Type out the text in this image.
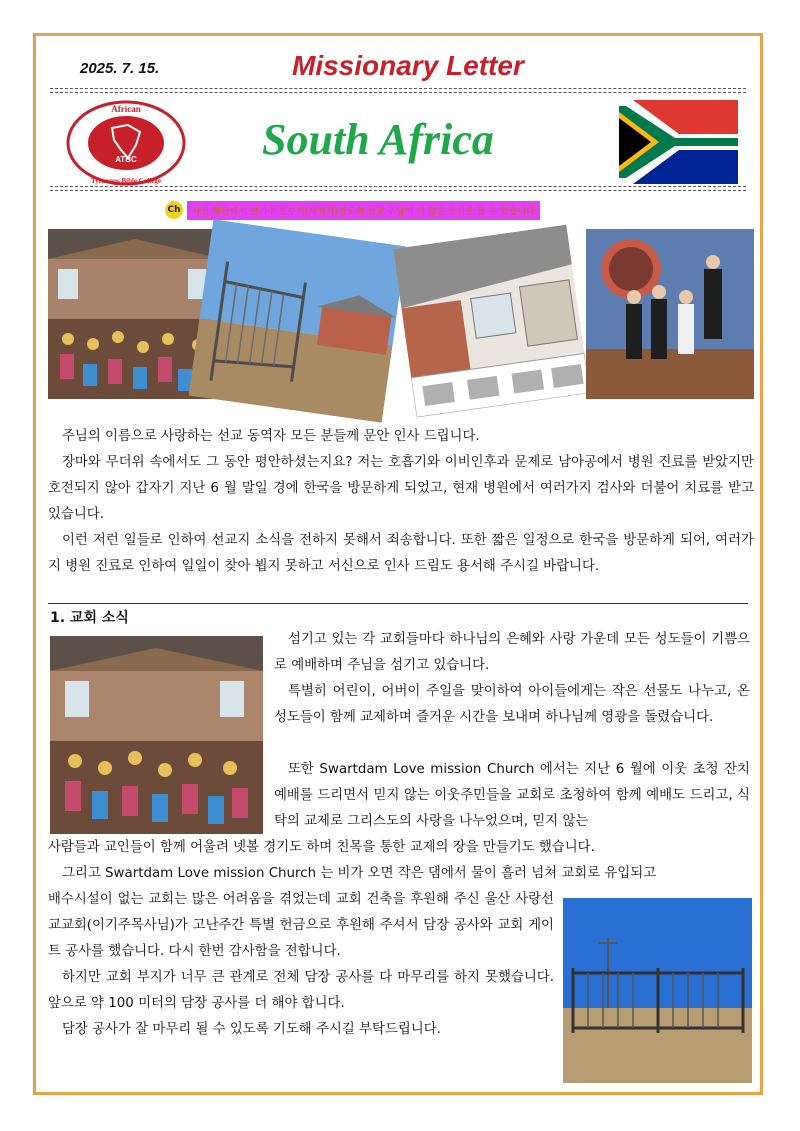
2025. 7. 15.	Missionary Letter
ATBC
African
Tyrannus Bible College
South Africa
Ch	사진 하단에서 발기수 일부이(새벽기)정도의 선교 주님이 더 많은 소식을 볼 수 있습니다

주님의 이름으로 사랑하는 선교 동역자 모든 분들께 문안 인사 드립니다.

장마와 무더위 속에서도 그 동안 평안하셨는지요? 저는 호흡기와 이비인후과 문제로 남아공에서 병원 진료를 받았지만 호전되지 않아 갑자기 지난 6 월 말일 경에 한국을 방문하게 되었고, 현재 병원에서 여러가지 검사와 더불어 치료를 받고 있습니다.

이런 저런 일들로 인하여 선교지 소식을 전하지 못해서 죄송합니다. 또한 짧은 일정으로 한국을 방문하게 되어, 여러가지 병원 진료로 인하여 일일이 찾아 뵙지 못하고 서신으로 인사 드림도 용서해 주시길 바랍니다.

1. 교회 소식

섬기고 있는 각 교회들마다 하나님의 은혜와 사랑 가운데 모든 성도들이 기쁨으로 예배하며 주님을 섬기고 있습니다.

특별히 어린이, 어버이 주일을 맞이하여 아이들에게는 작은 선물도 나누고, 온 성도들이 함께 교제하며 즐거운 시간을 보내며 하나님께 영광을 돌렸습니다.

또한 Swartdam Love mission Church 에서는 지난 6 월에 이웃 초청 잔치 예배를 드리면서 믿지 않는 이웃주민들을 교회로 초청하여 함께 예배도 드리고, 식탁의 교제로 그리스도의 사랑을 나누었으며, 믿지 않는

사람들과 교인들이 함께 어울려 넷볼 경기도 하며 친목을 통한 교제의 장을 만들기도 했습니다.

그리고 Swartdam Love mission Church 는 비가 오면 작은 댐에서 물이 흘러 넘쳐 교회로 유입되고

배수시설이 없는 교회는 많은 어려움을 겪었는데 교회 건축을 후원해 주신 울산 사랑선교교회(이기주목사님)가 고난주간 특별 헌금으로 후원해 주셔서 담장 공사와 교회 게이트 공사를 했습니다. 다시 한번 감사함을 전합니다.

하지만 교회 부지가 너무 큰 관계로 전체 담장 공사를 다 마무리를 하지 못했습니다. 앞으로 약 100 미터의 담장 공사를 더 해야 합니다.

담장 공사가 잘 마무리 될 수 있도록 기도해 주시길 부탁드립니다.
